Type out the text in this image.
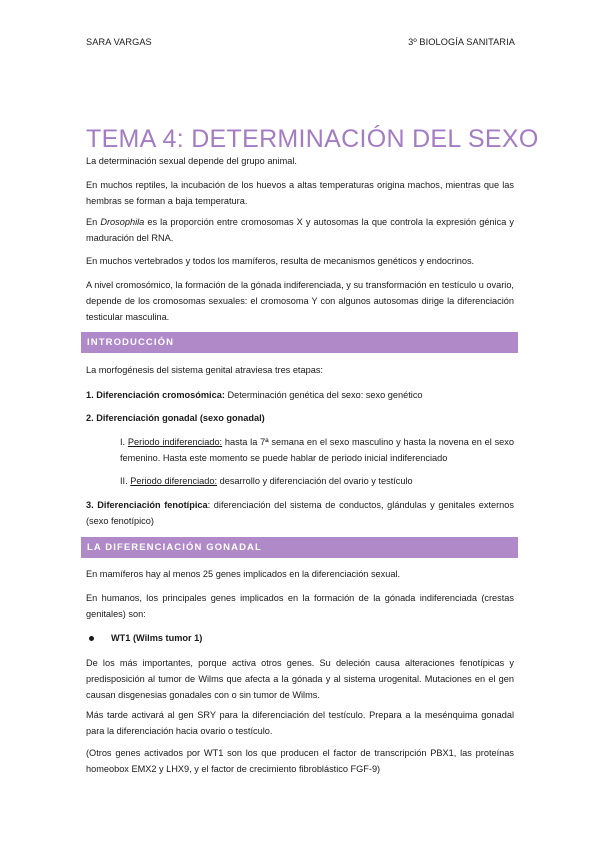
SARA VARGAS	3º BIOLOGÍA SANITARIA
TEMA 4: DETERMINACIÓN DEL SEXO
La determinación sexual depende del grupo animal.
En muchos reptiles, la incubación de los huevos a altas temperaturas origina machos, mientras que las hembras se forman a baja temperatura.
En Drosophila es la proporción entre cromosomas X y autosomas la que controla la expresión génica y maduración del RNA.
En muchos vertebrados y todos los mamíferos, resulta de mecanismos genéticos y endocrinos.
A nivel cromosómico, la formación de la gónada indiferenciada, y su transformación en testículo u ovario, depende de los cromosomas sexuales: el cromosoma Y con algunos autosomas dirige la diferenciación testicular masculina.
INTRODUCCIÓN
La morfogénesis del sistema genital atraviesa tres etapas:
1. Diferenciación cromosómica: Determinación genética del sexo: sexo genético
2. Diferenciación gonadal (sexo gonadal)
I. Periodo indiferenciado: hasta la 7ª semana en el sexo masculino y hasta la novena en el sexo femenino. Hasta este momento se puede hablar de periodo inicial indiferenciado
II. Periodo diferenciado: desarrollo y diferenciación del ovario y testículo
3. Diferenciación fenotípica: diferenciación del sistema de conductos, glándulas y genitales externos (sexo fenotípico)
LA DIFERENCIACIÓN GONADAL
En mamíferos hay al menos 25 genes implicados en la diferenciación sexual.
En humanos, los principales genes implicados en la formación de la gónada indiferenciada (crestas genitales) son:
WT1 (Wilms tumor 1)
De los más importantes, porque activa otros genes. Su deleción causa alteraciones fenotípicas y predisposición al tumor de Wilms que afecta a la gónada y al sistema urogenital. Mutaciones en el gen causan disgenesias gonadales con o sin tumor de Wilms.
Más tarde activará al gen SRY para la diferenciación del testículo. Prepara a la mesénquima gonadal para la diferenciación hacia ovario o testículo.
(Otros genes activados por WT1 son los que producen el factor de transcripción PBX1, las proteínas homeobox EMX2 y LHX9, y el factor de crecimiento fibroblástico FGF-9)
